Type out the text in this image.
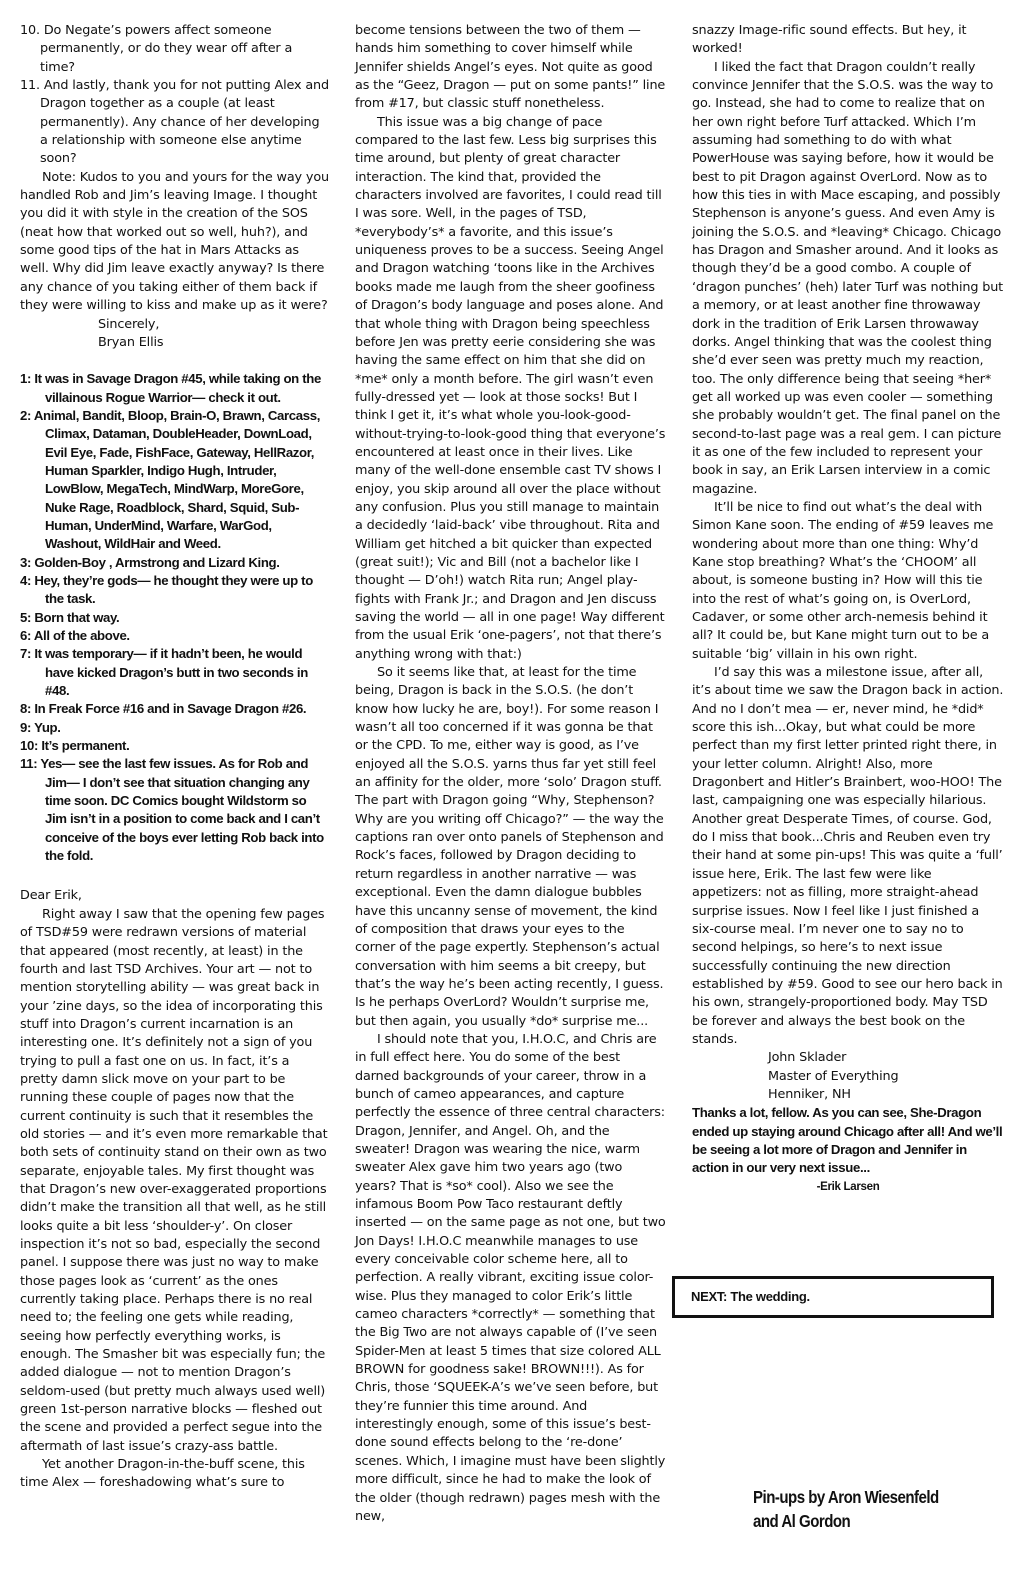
10. Do Negate’s powers affect someone permanently, or do they wear off after a time?

11. And lastly, thank you for not putting Alex and Dragon together as a couple (at least permanently). Any chance of her developing a relationship with someone else anytime soon?

Note: Kudos to you and yours for the way you handled Rob and Jim’s leaving Image. I thought you did it with style in the creation of the SOS (neat how that worked out so well, huh?), and some good tips of the hat in Mars Attacks as well. Why did Jim leave exactly anyway? Is there any chance of you taking either of them back if they were willing to kiss and make up as it were?

Sincerely,

Bryan Ellis

1: It was in Savage Dragon #45, while taking on the villainous Rogue Warrior— check it out.
2: Animal, Bandit, Bloop, Brain-O, Brawn, Carcass, Climax, Dataman, DoubleHeader, DownLoad, Evil Eye, Fade, FishFace, Gateway, HellRazor, Human Sparkler, Indigo Hugh, Intruder, LowBlow, MegaTech, MindWarp, MoreGore, Nuke Rage, Roadblock, Shard, Squid, Sub-Human, UnderMind, Warfare, WarGod, Washout, WildHair and Weed.
3: Golden-Boy , Armstrong and Lizard King.
4: Hey, they’re gods— he thought they were up to the task.
5: Born that way.
6: All of the above.
7: It was temporary— if it hadn’t been, he would have kicked Dragon’s butt in two seconds in #48.
8: In Freak Force #16 and in Savage Dragon #26.
9: Yup.
10: It’s permanent.
11: Yes— see the last few issues. As for Rob and Jim— I don’t see that situation changing any time soon. DC Comics bought Wildstorm so Jim isn’t in a position to come back and I can’t conceive of the boys ever letting Rob back into the fold.

Dear Erik,

Right away I saw that the opening few pages of TSD#59 were redrawn versions of material that appeared (most recently, at least) in the fourth and last TSD Archives. Your art — not to mention storytelling ability — was great back in your ’zine days, so the idea of incorporating this stuff into Dragon’s current incarnation is an interesting one. It’s definitely not a sign of you trying to pull a fast one on us. In fact, it’s a pretty damn slick move on your part to be running these couple of pages now that the current continuity is such that it resembles the old stories — and it’s even more remarkable that both sets of continuity stand on their own as two separate, enjoyable tales. My first thought was that Dragon’s new over-exaggerated proportions didn’t make the transition all that well, as he still looks quite a bit less ‘shoulder-y’. On closer inspection it’s not so bad, especially the second panel. I suppose there was just no way to make those pages look as ‘current’ as the ones currently taking place. Perhaps there is no real need to; the feeling one gets while reading, seeing how perfectly everything works, is enough. The Smasher bit was especially fun; the added dialogue — not to mention Dragon’s seldom-used (but pretty much always used well) green 1st-person narrative blocks — fleshed out the scene and provided a perfect segue into the aftermath of last issue’s crazy-ass battle.

Yet another Dragon-in-the-buff scene, this time Alex — foreshadowing what’s sure to

become tensions between the two of them — hands him something to cover himself while Jennifer shields Angel’s eyes. Not quite as good as the “Geez, Dragon — put on some pants!” line from #17, but classic stuff nonetheless.

This issue was a big change of pace compared to the last few. Less big surprises this time around, but plenty of great character interaction. The kind that, provided the characters involved are favorites, I could read till I was sore. Well, in the pages of TSD, *everybody’s* a favorite, and this issue’s uniqueness proves to be a success. Seeing Angel and Dragon watching ‘toons like in the Archives books made me laugh from the sheer goofiness of Dragon’s body language and poses alone. And that whole thing with Dragon being speechless before Jen was pretty eerie considering she was having the same effect on him that she did on *me* only a month before. The girl wasn’t even fully-dressed yet — look at those socks! But I think I get it, it’s what whole you-look-good-without-trying-to-look-good thing that everyone’s encountered at least once in their lives. Like many of the well-done ensemble cast TV shows I enjoy, you skip around all over the place without any confusion. Plus you still manage to maintain a decidedly ‘laid-back’ vibe throughout. Rita and William get hitched a bit quicker than expected (great suit!); Vic and Bill (not a bachelor like I thought — D’oh!) watch Rita run; Angel play-fights with Frank Jr.; and Dragon and Jen discuss saving the world — all in one page! Way different from the usual Erik ‘one-pagers’, not that there’s anything wrong with that:)

So it seems like that, at least for the time being, Dragon is back in the S.O.S. (he don’t know how lucky he are, boy!). For some reason I wasn’t all too concerned if it was gonna be that or the CPD. To me, either way is good, as I’ve enjoyed all the S.O.S. yarns thus far yet still feel an affinity for the older, more ‘solo’ Dragon stuff. The part with Dragon going “Why, Stephenson? Why are you writing off Chicago?” — the way the captions ran over onto panels of Stephenson and Rock’s faces, followed by Dragon deciding to return regardless in another narrative — was exceptional. Even the damn dialogue bubbles have this uncanny sense of movement, the kind of composition that draws your eyes to the corner of the page expertly. Stephenson’s actual conversation with him seems a bit creepy, but that’s the way he’s been acting recently, I guess. Is he perhaps OverLord? Wouldn’t surprise me, but then again, you usually *do* surprise me...

I should note that you, I.H.O.C, and Chris are in full effect here. You do some of the best darned backgrounds of your career, throw in a bunch of cameo appearances, and capture perfectly the essence of three central characters: Dragon, Jennifer, and Angel. Oh, and the sweater! Dragon was wearing the nice, warm sweater Alex gave him two years ago (two years? That is *so* cool). Also we see the infamous Boom Pow Taco restaurant deftly inserted — on the same page as not one, but two Jon Days! I.H.O.C meanwhile manages to use every conceivable color scheme here, all to perfection. A really vibrant, exciting issue color-wise. Plus they managed to color Erik’s little cameo characters *correctly* — something that the Big Two are not always capable of (I’ve seen Spider-Men at least 5 times that size colored ALL BROWN for goodness sake! BROWN!!!). As for Chris, those ‘SQUEEK-A’s we’ve seen before, but they’re funnier this time around. And interestingly enough, some of this issue’s best-done sound effects belong to the ‘re-done’ scenes. Which, I imagine must have been slightly more difficult, since he had to make the look of the older (though redrawn) pages mesh with the new,

snazzy Image-rific sound effects. But hey, it worked!

I liked the fact that Dragon couldn’t really convince Jennifer that the S.O.S. was the way to go. Instead, she had to come to realize that on her own right before Turf attacked. Which I’m assuming had something to do with what PowerHouse was saying before, how it would be best to pit Dragon against OverLord. Now as to how this ties in with Mace escaping, and possibly Stephenson is anyone’s guess. And even Amy is joining the S.O.S. and *leaving* Chicago. Chicago has Dragon and Smasher around. And it looks as though they’d be a good combo. A couple of ‘dragon punches’ (heh) later Turf was nothing but a memory, or at least another fine throwaway dork in the tradition of Erik Larsen throwaway dorks. Angel thinking that was the coolest thing she’d ever seen was pretty much my reaction, too. The only difference being that seeing *her* get all worked up was even cooler — something she probably wouldn’t get. The final panel on the second-to-last page was a real gem. I can picture it as one of the few included to represent your book in say, an Erik Larsen interview in a comic magazine.

It’ll be nice to find out what’s the deal with Simon Kane soon. The ending of #59 leaves me wondering about more than one thing: Why’d Kane stop breathing? What’s the ‘CHOOM’ all about, is someone busting in? How will this tie into the rest of what’s going on, is OverLord, Cadaver, or some other arch-nemesis behind it all? It could be, but Kane might turn out to be a suitable ‘big’ villain in his own right.

I’d say this was a milestone issue, after all, it’s about time we saw the Dragon back in action. And no I don’t mea — er, never mind, he *did* score this ish...Okay, but what could be more perfect than my first letter printed right there, in your letter column. Alright! Also, more Dragonbert and Hitler’s Brainbert, woo-HOO! The last, campaigning one was especially hilarious. Another great Desperate Times, of course. God, do I miss that book...Chris and Reuben even try their hand at some pin-ups! This was quite a ‘full’ issue here, Erik. The last few were like appetizers: not as filling, more straight-ahead surprise issues. Now I feel like I just finished a six-course meal. I’m never one to say no to second helpings, so here’s to next issue successfully continuing the new direction established by #59. Good to see our hero back in his own, strangely-proportioned body. May TSD be forever and always the best book on the stands.

John Sklader

Master of Everything

Henniker, NH

Thanks a lot, fellow. As you can see, She-Dragon ended up staying around Chicago after all! And we’ll be seeing a lot more of Dragon and Jennifer in action in our very next issue...

-Erik Larsen

NEXT: The wedding.
Pin-ups by Aron Wiesenfeld
and Al Gordon
